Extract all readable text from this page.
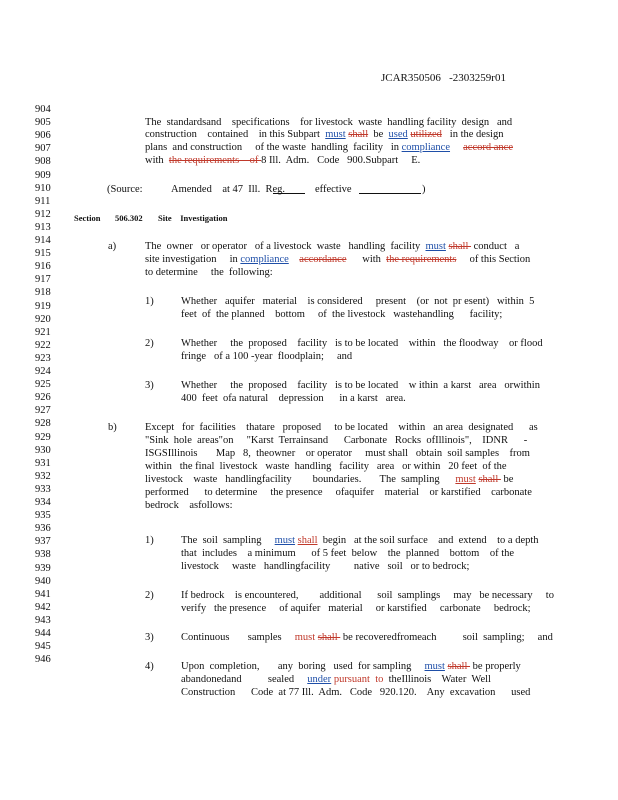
JCAR350506   -2303259r01
904
905
906
907
908
909
910
911
912
913
914
915
916
917
918
919
920
921
922
923
924
925
926
927
928
929
930
931
932
933
934
935
936
937
938
939
940
941
942
943
944
945
946
The  standardsand    specifications    for livestock  waste  handling facility  design   and
construction    contained    in this Subpart  must shall  be  used utilized   in the design
plans  and construction     of the waste  handling  facility   in compliance accord ance
with  the requirements    of 8 Ill.  Adm.   Code   900.Subpart     E.
(Source:	Amended    at 47  Ill.  Reg.	effective	)
Section 506.302 Site    Investigation
a)	The  owner   or operator   of a livestock  waste   handling  facility  must shall  conduct   a
site investigation     in compliance accordance      with  the requirements     of this Section
to determine     the  following:
1)	Whether   aquifer   material    is considered     present    (or  not  pr esent)   within  5
feet  of  the planned    bottom     of  the livestock   wastehandling      facility;
2)	Whether     the  proposed    facility   is to be located    within   the floodway    or flood
fringe   of a 100 -year  floodplain;     and
3)	Whether     the  proposed    facility   is to be located    w ithin  a karst   area   orwithin
400  feet  ofa natural    depression      in a karst   area.
b)	Except   for  facilities    thatare   proposed     to be located    within   an area  designated      as
"Sink  hole  areas"on     "Karst  Terrainsand      Carbonate   Rocks  ofIllinois",    IDNR      -
ISGSIllinois       Map   8,  theowner    or operator     must shall   obtain  soil samples    from
within   the final  livestock   waste  handling   facility   area   or within   20 feet  of the
livestock    waste   handlingfacility        boundaries.       The  sampling      must shall  be
performed      to determine     the presence     ofaquifer    material    or karstified    carbonate
bedrock    asfollows:
1)	The  soil  sampling     must shall  begin   at the soil surface    and  extend    to a depth
that  includes    a minimum      of 5 feet  below    the  planned    bottom    of the
livestock     waste   handlingfacility         native   soil   or to bedrock;
2)	If bedrock    is encountered,        additional      soil  samplings     may   be necessary     to
verify   the presence     of aquifer   material     or karstified     carbonate     bedrock;
3)	Continuous       samples     must shall  be recoveredfromeach          soil  sampling;     and
4)	Upon  completion,       any  boring   used  for sampling     must shall  be properly
abandonedand          sealed     under pursuant  to  theIllinois    Water  Well
Construction      Code  at 77 Ill.  Adm.   Code   920.120.    Any  excavation      used
